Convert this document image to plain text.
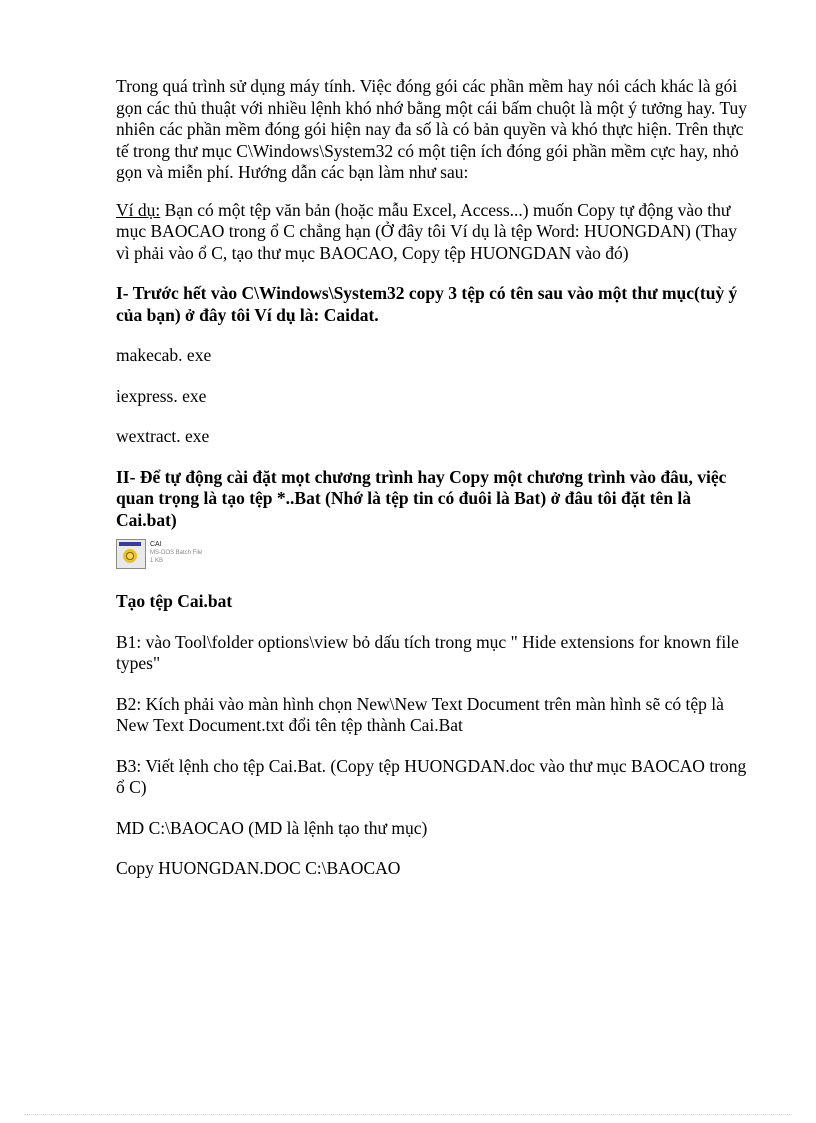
Trong quá trình sử dụng máy tính. Việc đóng gói các phần mềm hay nói cách khác là gói gọn các thủ thuật với nhiều lệnh khó nhớ bằng một cái bấm chuột là một ý tưởng hay. Tuy nhiên các phần mềm đóng gói hiện nay đa số là có bản quyền và khó thực hiện. Trên thực tế trong thư mục C\Windows\System32 có một tiện ích đóng gói phần mềm cực hay, nhỏ gọn và miễn phí. Hướng dẫn các bạn làm như sau:

Ví dụ: Bạn có một tệp văn bản (hoặc mẫu Excel, Access...) muốn Copy tự động vào thư mục BAOCAO trong ổ C chẳng hạn (Ở đây tôi Ví dụ là tệp Word: HUONGDAN) (Thay vì phải vào ổ C, tạo thư mục BAOCAO, Copy tệp HUONGDAN vào đó)

I- Trước hết vào C\Windows\System32 copy 3 tệp có tên sau vào một thư mục(tuỳ ý của bạn) ở đây tôi Ví dụ là: Caidat.

makecab. exe

iexpress. exe

wextract. exe

II- Để tự động cài đặt mọt chương trình hay Copy một chương trình vào đâu, việc quan trọng là tạo tệp *..Bat (Nhớ là tệp tin có đuôi là Bat) ở đâu tôi đặt tên là Cai.bat)

CAI
MS-DOS Batch File
1 KB

Tạo tệp Cai.bat

B1: vào Tool\folder options\view bỏ dấu tích trong mục " Hide extensions for known file types"

B2: Kích phải vào màn hình chọn New\New Text Document trên màn hình sẽ có tệp là New Text Document.txt đổi tên tệp thành Cai.Bat

B3: Viết lệnh cho tệp Cai.Bat. (Copy tệp HUONGDAN.doc vào thư mục BAOCAO trong ổ C)

MD C:\BAOCAO (MD là lệnh tạo thư mục)

Copy HUONGDAN.DOC C:\BAOCAO
